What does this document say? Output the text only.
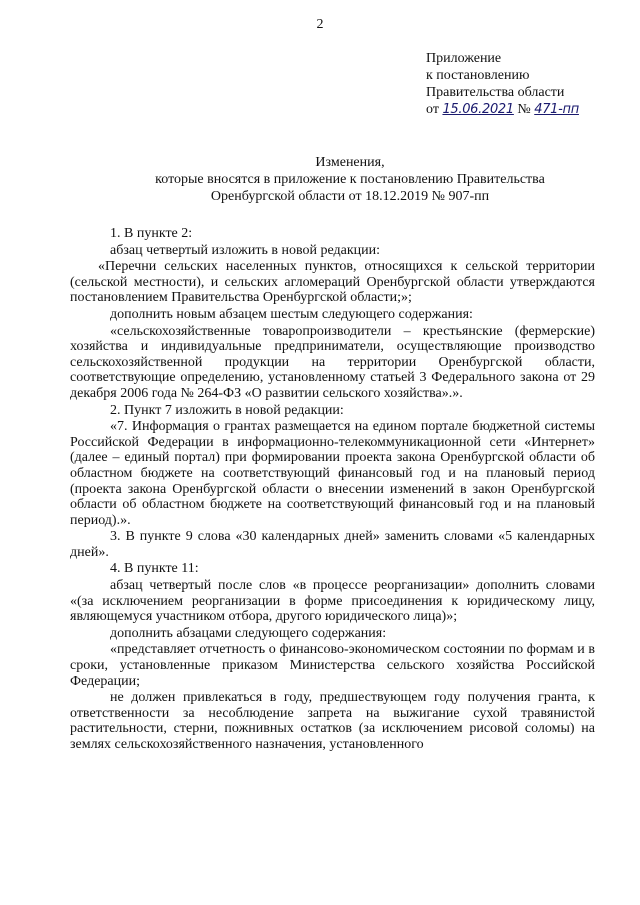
2
Приложение
к постановлению
Правительства области
от 15.06.2021 № 471-пп
Изменения,
которые вносятся в приложение к постановлению Правительства
Оренбургской области от 18.12.2019 № 907-пп

1. В пункте 2:

абзац четвертый изложить в новой редакции:

«Перечни сельских населенных пунктов, относящихся к сельской территории (сельской местности), и сельских агломераций Оренбургской области утверждаются постановлением Правительства Оренбургской области;»;

дополнить новым абзацем шестым следующего содержания:

«сельскохозяйственные товаропроизводители – крестьянские (фермерские) хозяйства и индивидуальные предприниматели, осуществляющие производство сельскохозяйственной продукции на территории Оренбургской области, соответствующие определению, установленному статьей 3 Федерального закона от 29 декабря 2006 года № 264-ФЗ «О развитии сельского хозяйства».».

2. Пункт 7 изложить в новой редакции:

«7. Информация о грантах размещается на едином портале бюджетной системы Российской Федерации в информационно-телекоммуникационной сети «Интернет» (далее – единый портал) при формировании проекта закона Оренбургской области об областном бюджете на соответствующий финансовый год и на плановый период (проекта закона Оренбургской области о внесении изменений в закон Оренбургской области об областном бюджете на соответствующий финансовый год и на плановый период).».

3. В пункте 9 слова «30 календарных дней» заменить словами «5 календарных дней».

4. В пункте 11:

абзац четвертый после слов «в процессе реорганизации» дополнить словами «(за исключением реорганизации в форме присоединения к юридическому лицу, являющемуся участником отбора, другого юридического лица)»;

дополнить абзацами следующего содержания:

«представляет отчетность о финансово-экономическом состоянии по формам и в сроки, установленные приказом Министерства сельского хозяйства Российской Федерации;

не должен привлекаться в году, предшествующем году получения гранта, к ответственности за несоблюдение запрета на выжигание сухой травянистой растительности, стерни, пожнивных остатков (за исключением рисовой соломы) на землях сельскохозяйственного назначения, установленного
